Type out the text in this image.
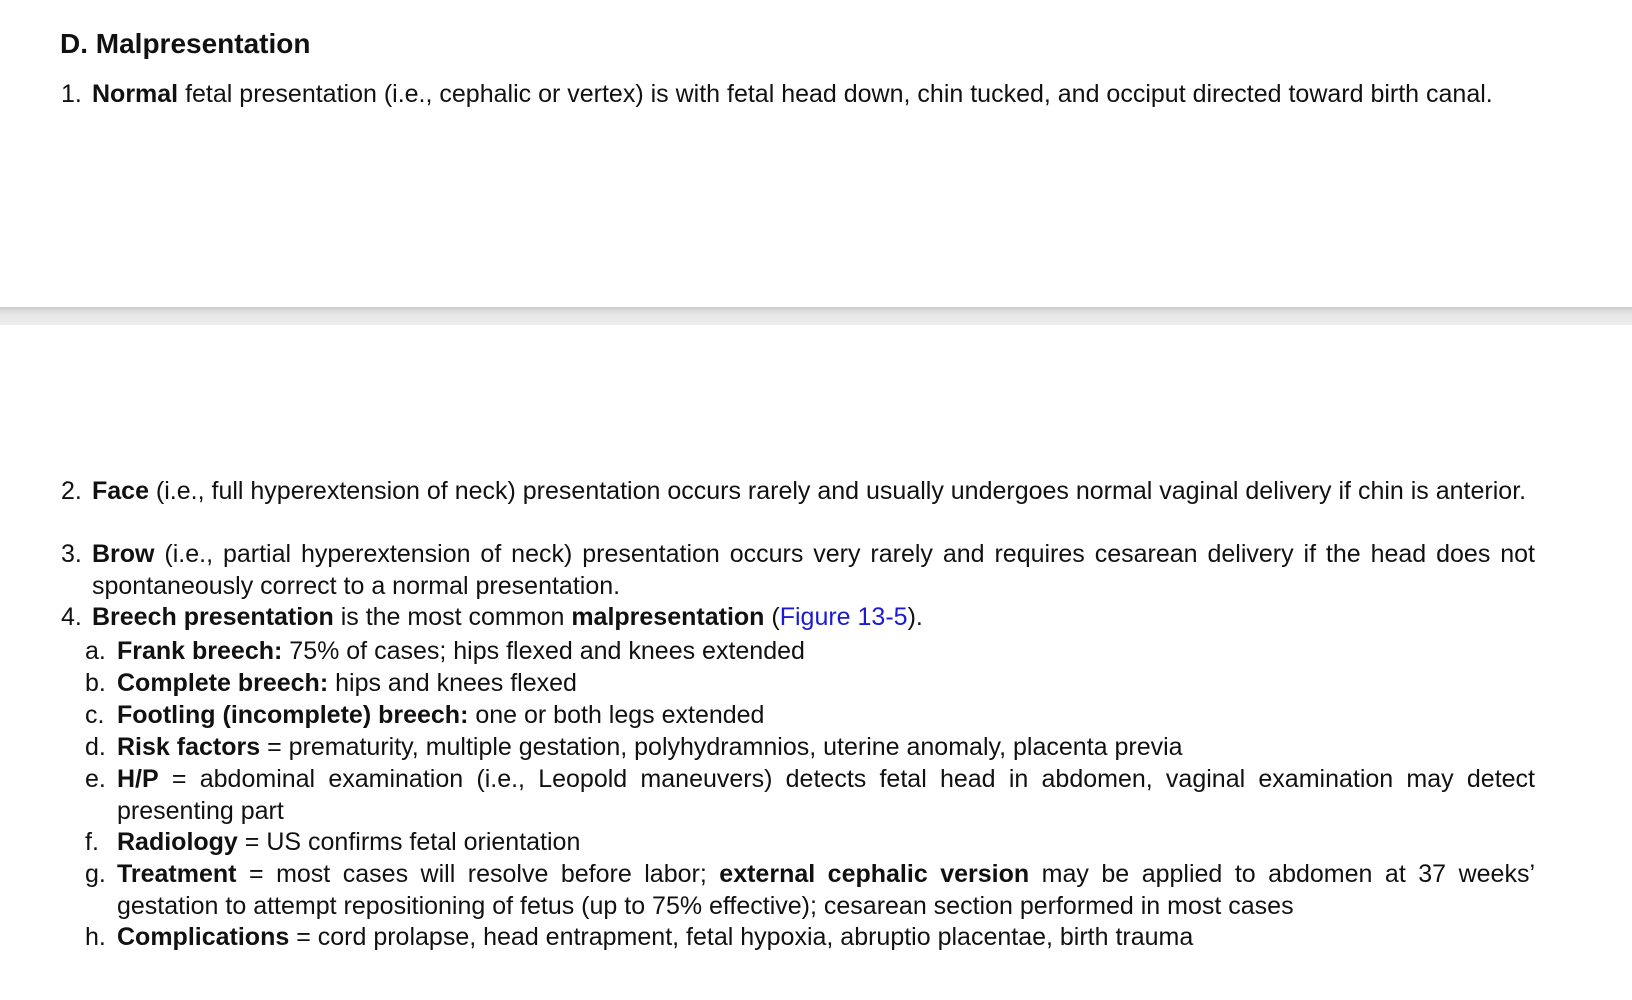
D. Malpresentation

1. Normal fetal presentation (i.e., cephalic or vertex) is with fetal head down, chin tucked, and occiput directed toward birth canal.

2. Face (i.e., full hyperextension of neck) presentation occurs rarely and usually undergoes normal vaginal delivery if chin is anterior.

3. Brow (i.e., partial hyperextension of neck) presentation occurs very rarely and requires cesarean delivery if the head does not spontaneously correct to a normal presentation.

4. Breech presentation is the most common malpresentation (Figure 13-5).

a. Frank breech: 75% of cases; hips flexed and knees extended

b. Complete breech: hips and knees flexed

c. Footling (incomplete) breech: one or both legs extended

d. Risk factors = prematurity, multiple gestation, polyhydramnios, uterine anomaly, placenta previa

e. H/P = abdominal examination (i.e., Leopold maneuvers) detects fetal head in abdomen, vaginal examination may detect presenting part

f. Radiology = US confirms fetal orientation

g. Treatment = most cases will resolve before labor; external cephalic version may be applied to abdomen at 37 weeks’ gestation to attempt repositioning of fetus (up to 75% effective); cesarean section performed in most cases

h. Complications = cord prolapse, head entrapment, fetal hypoxia, abruptio placentae, birth trauma
